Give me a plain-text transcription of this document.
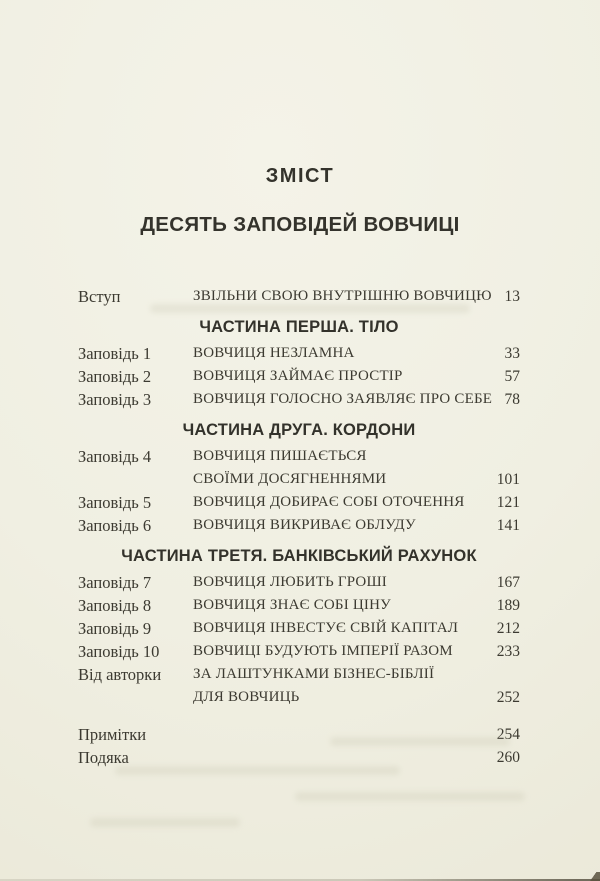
ЗМІСТ
ДЕСЯТЬ ЗАПОВІДЕЙ ВОВЧИЦІ
Вступ	ЗВІЛЬНИ СВОЮ ВНУТРІШНЮ ВОВЧИЦЮ 13
ЧАСТИНА ПЕРША. ТІЛО
Заповідь 1	ВОВЧИЦЯ НЕЗЛАМНА	33
Заповідь 2	ВОВЧИЦЯ ЗАЙМАЄ ПРОСТІР	57
Заповідь 3	ВОВЧИЦЯ ГОЛОСНО ЗАЯВЛЯЄ ПРО СЕБЕ 78
ЧАСТИНА ДРУГА. КОРДОНИ
Заповідь 4	ВОВЧИЦЯ ПИШАЄТЬСЯ
СВОЇМИ ДОСЯГНЕННЯМИ	101
Заповідь 5	ВОВЧИЦЯ ДОБИРАЄ СОБІ ОТОЧЕННЯ	121
Заповідь 6	ВОВЧИЦЯ ВИКРИВАЄ ОБЛУДУ	141
ЧАСТИНА ТРЕТЯ. БАНКІВСЬКИЙ РАХУНОК
Заповідь 7	ВОВЧИЦЯ ЛЮБИТЬ ГРОШІ	167
Заповідь 8	ВОВЧИЦЯ ЗНАЄ СОБІ ЦІНУ	189
Заповідь 9	ВОВЧИЦЯ ІНВЕСТУЄ СВІЙ КАПІТАЛ	212
Заповідь 10	ВОВЧИЦІ БУДУЮТЬ ІМПЕРІЇ РАЗОМ	233
Від авторки	ЗА ЛАШТУНКАМИ БІЗНЕС-БІБЛІЇ
ДЛЯ ВОВЧИЦЬ	252
Примітки	254
Подяка	260
